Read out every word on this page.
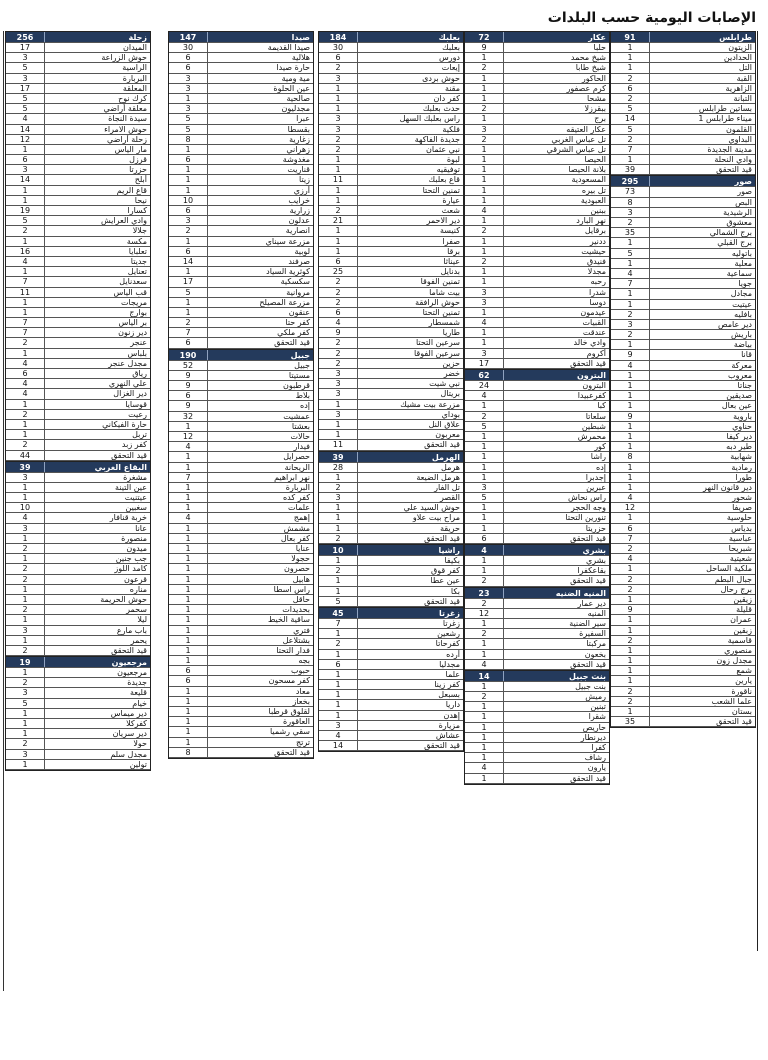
الإصابات اليومية حسب البلدات
طرابلس
91
الزيتون
1
الحدادين
1
التل
1
القبة
2
الزاهرية
6
التبانة
2
بساتين طرابلس
5
ميناء طرابلس 1
14
القلمون
5
البداوي
2
مدينة الجديدة
7
وادي النحلة
1
قيد التحقق
39
صور
295
صور
73
البص
8
الرشيدية
3
معشوق
2
برج الشمالي
35
برج القبلي
1
باتوليه
5
معلية
1
سماعية
4
جويا
7
مجادل
1
عيتيت
1
بافليه
2
دير عامص
3
باريش
2
بياضة
1
قانا
9
معركة
4
معروب
1
جناتا
1
صديقين
1
عين بعال
1
باروية
9
حناوي
1
دير كيفا
1
طير دبه
1
شهابية
8
رمادية
1
طورا
1
دير قانون النهر
1
شحور
4
صريفا
12
حلوسية
1
بدياس
6
عباسية
7
شبريحا
2
شعيتية
4
ملكية الساحل
1
جبال البطم
2
برج رحال
2
زيقين
1
قليلة
9
عمران
1
زبقين
1
قاسمية
2
منصوري
1
مجدل زون
1
شمع
1
يارين
1
ناقورة
2
علما الشعب
2
بستان
1
قيد التحقق
35
عكار
72
حلبا
9
شيخ محمد
1
شيخ طابا
2
الحاكور
1
كرم عصفور
1
مشحا
1
ببقرزلا
2
برج
1
عكار العتيقه
3
تل عباس الغربي
2
تل عباس الشرقي
1
الحيصا
1
بلانة الحيصا
1
المسعودية
1
تل بيره
1
العبودية
1
ببنين
4
نهر البارد
1
برقايل
2
ددنير
1
حيشيت
1
فنيدق
2
مجدلا
1
رحبه
1
شدرا
3
دوسا
3
عيدمون
1
القبيات
4
عندقت
1
وادي خالد
1
أكروم
3
قيد التحقق
17
البترون
62
البترون
24
كفرعبيدا
4
كبا
1
سلعاتا
2
شبطين
5
محمرش
1
كور
1
راشا
1
إده
1
إجدبرا
1
عبرين
3
راس نحاش
5
وجه الحجر
1
تنورين التحتا
1
حزريتا
1
قيد التحقق
6
بشري
4
بشري
1
بقاعكفرا
1
قيد التحقق
2
المنيه الضنيه
23
دير عمار
2
المنيه
12
سير الضنية
1
السفيرة
2
مركبتا
1
بخعون
1
قيد التحقق
4
بنت جبيل
14
بنت جبيل
1
رميش
2
تبنين
1
شقرا
1
حاريص
1
ديرنطار
1
كفرا
1
رشاف
1
يارون
4
قيد التحقق
1
بعلبك
184
بعلبك
30
دورس
6
إيعات
2
حوش بردى
3
مقنة
1
كفر دان
1
حدث بعلبك
1
راس بعلبك السهل
3
فلكية
3
جديدة الفاكهة
2
نبي عثمان
2
لبوة
1
توفيقيه
1
قاع بعلبك
11
تمنين التحتا
1
عيارة
1
شعث
2
دير الاحمر
21
كنيسة
1
صفرا
1
برقا
1
عيناثا
6
بدنايل
25
تمنين الفوقا
2
بيت شاما
2
حوش الرافقة
2
تمنين التحتا
6
شمسطار
4
طاريا
9
سرعين التحتا
2
سرعين الفوقا
2
حزين
2
خضر
3
نبي شيت
3
بريتال
3
مزرعة بيت مشيك
1
بوداي
3
علاق النل
1
معربون
1
قيد التحقق
11
الهرمل
39
هرمل
28
هرمل الضيعة
1
تل الفار
2
القصر
3
حوش السيد علي
1
مراح بيت علاو
1
حريقة
1
قيد التحقق
2
راشيا
10
بكيفا
1
كفر قوق
2
عين عطا
1
بكا
1
قيد التحقق
5
زغرتا
45
زغرتا
7
رشعين
1
كفرحاتا
2
أرده
1
مجدليا
6
علما
1
كفر زينا
1
بسبعل
1
داريا
1
إهدن
1
مزيارة
3
عشاش
4
قيد التحقق
14
صيدا
147
صيدا القديمة
30
هلالية
6
حارة صيدا
6
مية ومية
3
عين الحلوة
3
صالحية
1
مجدليون
3
عبرا
5
بقسطا
5
زغارية
8
زهراني
1
مغدوشة
6
قناريت
1
زيتا
1
أرزي
1
خرايب
10
زرارية
6
عدلون
3
انصارية
2
مزرعة سيناي
1
لوبية
6
صرفند
14
كوثرية السياد
1
سكسكية
17
مروانية
5
مزرعة المصيلح
1
عنقون
1
كفر حتا
2
كفر ملكي
7
قيد التحقق
6
جبيل
190
جبيل
52
مستيتا
9
قرطبون
9
بلاط
6
إده
9
عمشيت
32
بعشتا
1
حالات
12
فيدار
4
حصرايل
1
الريحانة
1
نهر ابراهيم
7
البربارة
1
كفر كده
1
علمات
1
إهمج
4
مشمش
1
كفر بعال
1
عنايا
1
حجولا
1
حصرون
1
هابيل
1
راس اسطا
1
حاقل
1
بحديدات
1
ساقية الخيط
1
فتري
1
بشتلاعل
1
فدار التحتا
1
بجه
1
حبوب
6
كفر مسحون
6
معاد
1
بخعاز
1
لقلوق قرطبا
1
العاقورة
1
سقي رشميا
1
ترتج
1
قيد التحقق
8
زحلة
256
الميدان
17
حوش الزراعة
3
الراسية
5
البربارة
3
المعلقة
17
كرك نوح
5
معلقة أراضي
5
سيدة النجاة
4
حوش الامراء
14
زحلة أراضي
12
مار الياس
1
قرزل
6
حزرتا
3
أبلح
14
قاع الريم
1
نيحا
1
كسارا
19
وادي العرايش
5
جلالا
2
مكسة
1
تعلبايا
16
جديتا
4
تعنايل
1
سعدنايل
7
قب الياس
11
مريجات
1
بوارج
1
بر الياس
7
دير زنون
7
عنجر
2
بلباس
1
مجدل عنجر
4
رياق
6
علي النهري
4
دير الغزال
4
قوسايا
1
رعيت
2
حارة الفيكاني
1
تربل
1
كفر زبد
2
قيد التحقق
44
البقاع الغربي
39
مشغرة
3
عين التينة
1
عيتنيت
1
سغبين
10
خربة قنافار
4
عانا
3
منصورة
1
ميدون
2
جب جنين
1
كامد اللوز
2
قرعون
2
مناره
1
حوش الحريمة
1
سحمر
2
ليلا
1
باب مارع
3
يحمر
1
قيد التحقق
2
مرجعيون
19
مرجعيون
1
جديدة
2
قليعة
3
خيام
5
دير ميماس
1
كفركلا
1
دير سريان
1
حولا
2
مجدل سلم
3
تولين
1
